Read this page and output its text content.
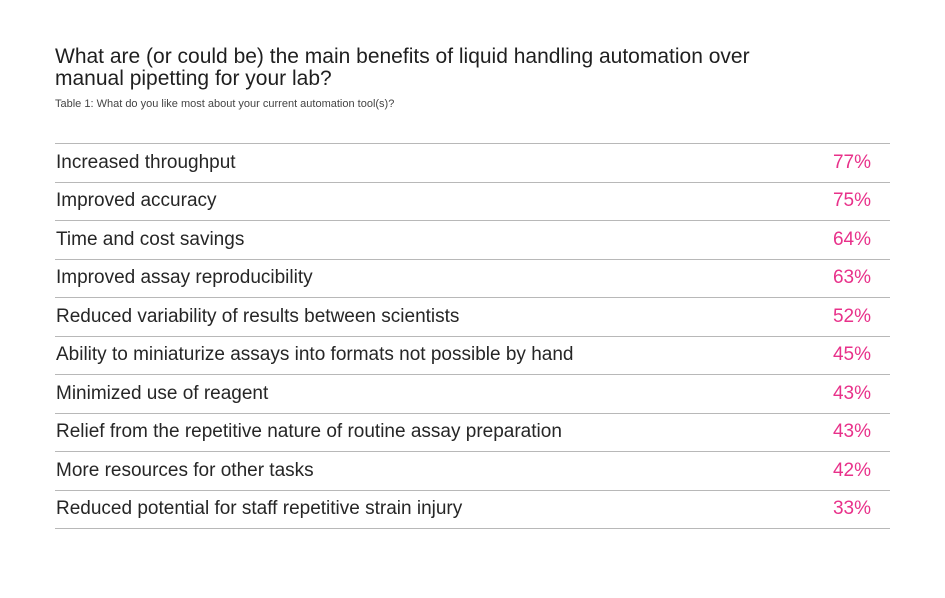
What are (or could be) the main benefits of liquid handling automation over manual pipetting for your lab?

Table 1: What do you like most about your current automation tool(s)?

Increased throughput	77%
Improved accuracy	75%
Time and cost savings	64%
Improved assay reproducibility	63%
Reduced variability of results between scientists	52%
Ability to miniaturize assays into formats not possible by hand	45%
Minimized use of reagent	43%
Relief from the repetitive nature of routine assay preparation	43%
More resources for other tasks	42%
Reduced potential for staff repetitive strain injury	33%
